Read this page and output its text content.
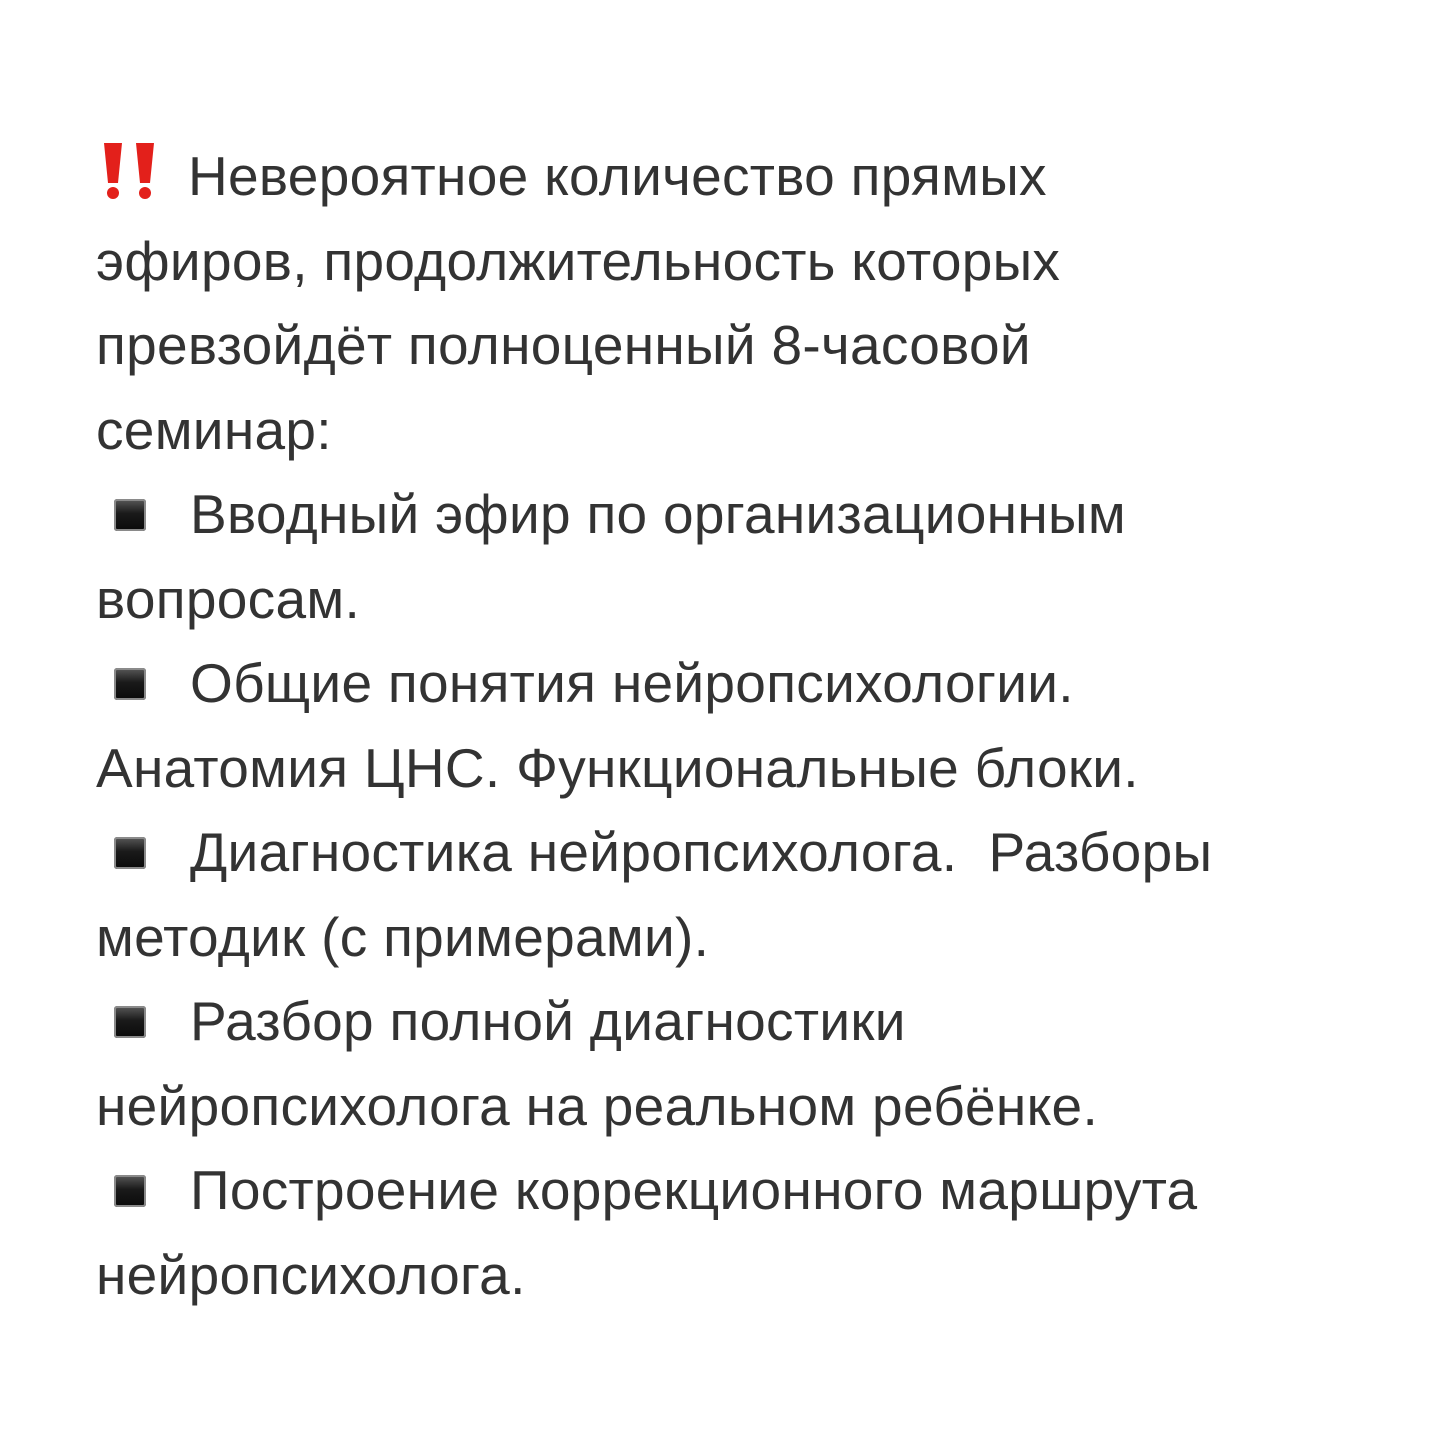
Невероятное количество прямых
эфиров, продолжительность которых
превзойдёт полноценный 8-часовой
семинар:
Вводный эфир по организационным
вопросам.
Общие понятия нейропсихологии.
Анатомия ЦНС. Функциональные блоки.
Диагностика нейропсихолога.  Разборы
методик (с примерами).
Разбор полной диагностики
нейропсихолога на реальном ребёнке.
Построение коррекционного маршрута
нейропсихолога.
